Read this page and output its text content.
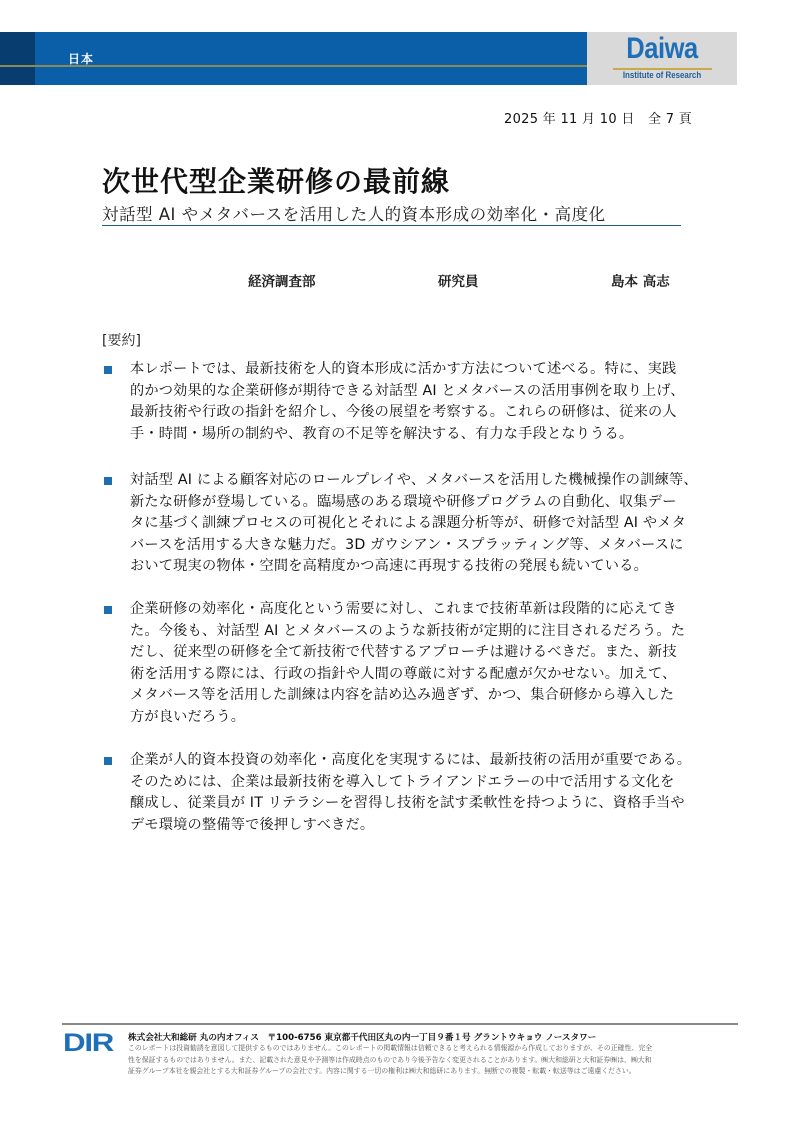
日本	Daiwa
Institute of Research
2025 年 11 月 10 日　全 7 頁
次世代型企業研修の最前線
対話型 AI やメタバースを活用した人的資本形成の効率化・高度化
経済調査部	研究員	島本 高志
[要約]
本レポートでは、最新技術を人的資本形成に活かす方法について述べる。特に、実践
的かつ効果的な企業研修が期待できる対話型 AI とメタバースの活用事例を取り上げ、
最新技術や行政の指針を紹介し、今後の展望を考察する。これらの研修は、従来の人
手・時間・場所の制約や、教育の不足等を解決する、有力な手段となりうる。
対話型 AI による顧客対応のロールプレイや、メタバースを活用した機械操作の訓練等、
新たな研修が登場している。臨場感のある環境や研修プログラムの自動化、収集デー
タに基づく訓練プロセスの可視化とそれによる課題分析等が、研修で対話型 AI やメタ
バースを活用する大きな魅力だ。3D ガウシアン・スプラッティング等、メタバースに
おいて現実の物体・空間を高精度かつ高速に再現する技術の発展も続いている。
企業研修の効率化・高度化という需要に対し、これまで技術革新は段階的に応えてき
た。今後も、対話型 AI とメタバースのような新技術が定期的に注目されるだろう。た
だし、従来型の研修を全て新技術で代替するアプローチは避けるべきだ。また、新技
術を活用する際には、行政の指針や人間の尊厳に対する配慮が欠かせない。加えて、
メタバース等を活用した訓練は内容を詰め込み過ぎず、かつ、集合研修から導入した
方が良いだろう。
企業が人的資本投資の効率化・高度化を実現するには、最新技術の活用が重要である。
そのためには、企業は最新技術を導入してトライアンドエラーの中で活用する文化を
醸成し、従業員が IT リテラシーを習得し技術を試す柔軟性を持つように、資格手当や
デモ環境の整備等で後押しすべきだ。
DIR 株式会社大和総研 丸の内オフィス　〒100-6756 東京都千代田区丸の内一丁目９番１号 グラントウキョウ ノースタワー
このレポートは投資勧誘を意図して提供するものではありません。このレポートの掲載情報は信頼できると考えられる情報源から作成しておりますが、その正確性、完全
性を保証するものではありません。また、記載された意見や予測等は作成時点のものであり今後予告なく変更されることがあります。㈱大和総研と大和証券㈱は、㈱大和
証券グループ本社を親会社とする大和証券グループの会社です。内容に関する一切の権利は㈱大和総研にあります。無断での複製・転載・転送等はご遠慮ください。
